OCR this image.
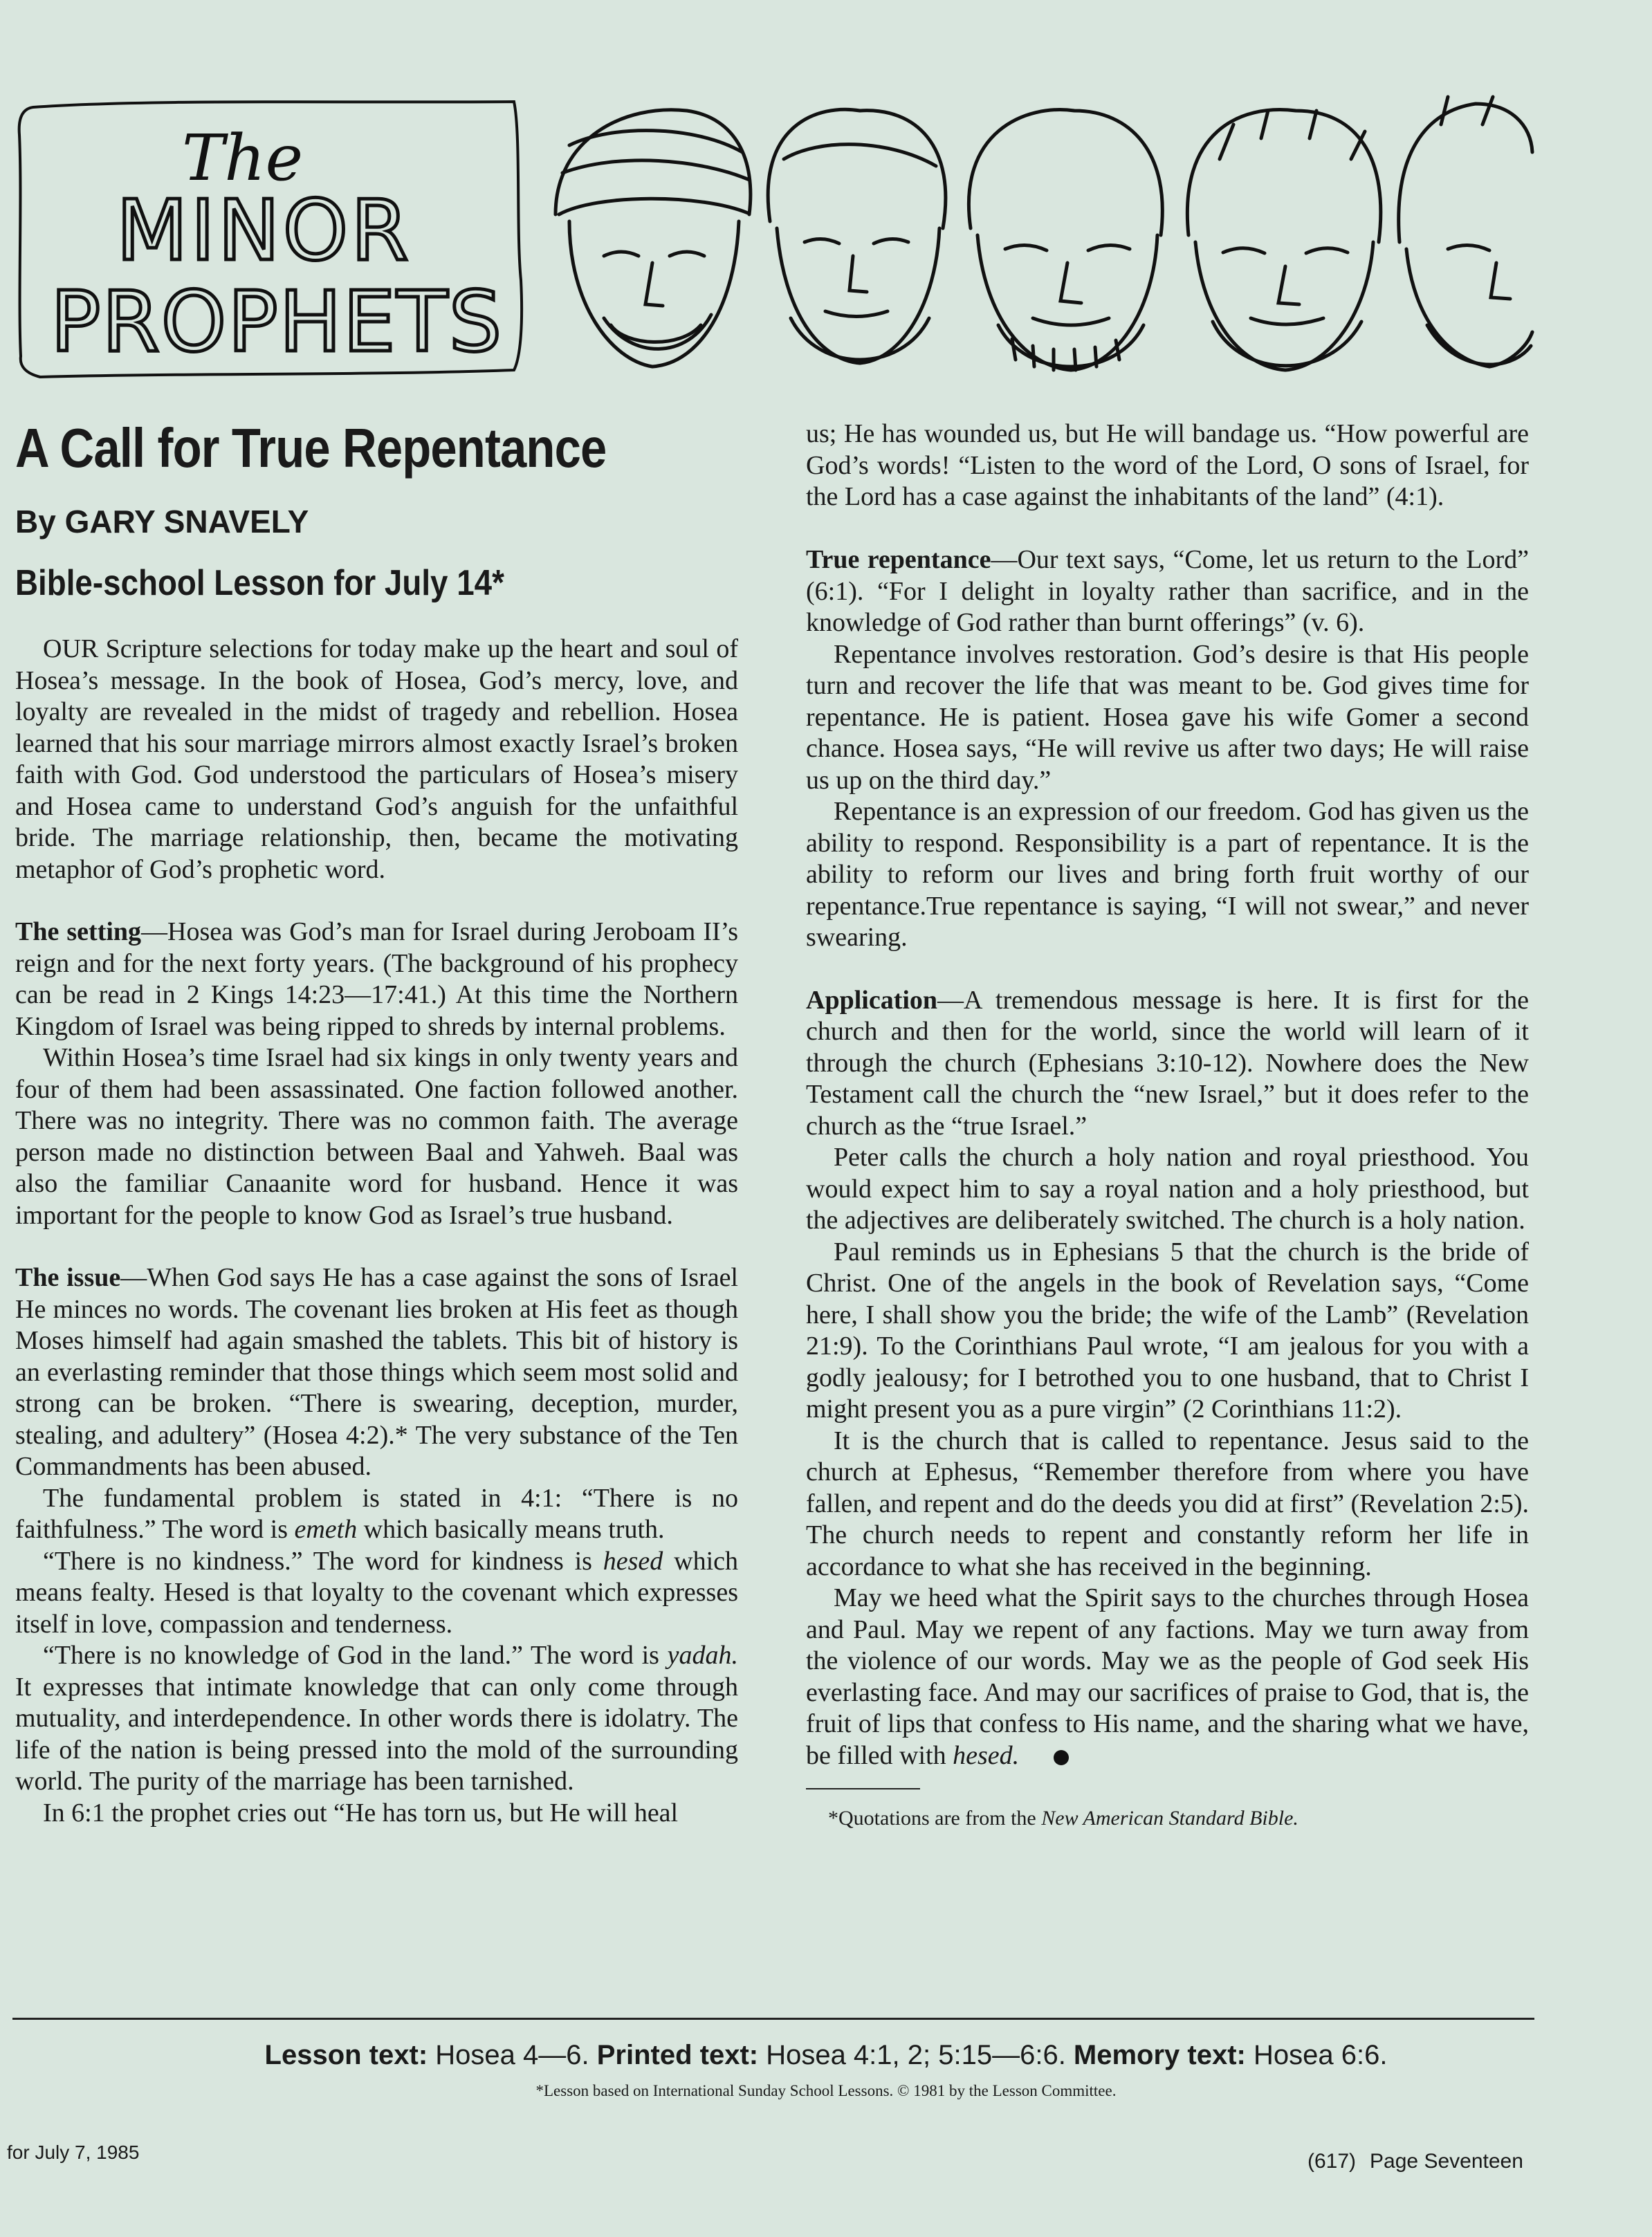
The
MINOR
PROPHETS
A Call for True Repentance
By GARY SNAVELY
Bible-school Lesson for July 14*

OUR Scripture selections for today make up the heart and soul of Hosea’s message. In the book of Hosea, God’s mercy, love, and loyalty are revealed in the midst of tragedy and rebellion. Hosea learned that his sour marriage mirrors almost exactly Israel’s broken faith with God. God understood the particulars of Hosea’s misery and Hosea came to understand God’s anguish for the unfaithful bride. The marriage relationship, then, became the motivating metaphor of God’s prophetic word.

The setting—Hosea was God’s man for Israel during Jeroboam II’s reign and for the next forty years. (The background of his prophecy can be read in 2 Kings 14:23—17:41.) At this time the Northern Kingdom of Israel was being ripped to shreds by internal problems.

Within Hosea’s time Israel had six kings in only twenty years and four of them had been assassinated. One faction followed another. There was no integrity. There was no common faith. The average person made no distinction between Baal and Yahweh. Baal was also the familiar Canaanite word for husband. Hence it was important for the people to know God as Israel’s true husband.

The issue—When God says He has a case against the sons of Israel He minces no words. The covenant lies broken at His feet as though Moses himself had again smashed the tablets. This bit of history is an everlasting reminder that those things which seem most solid and strong can be broken. “There is swearing, deception, murder, stealing, and adultery” (Hosea 4:2).* The very substance of the Ten Commandments has been abused.

The fundamental problem is stated in 4:1: “There is no faithfulness.” The word is emeth which basically means truth.

“There is no kindness.” The word for kindness is hesed which means fealty. Hesed is that loyalty to the covenant which expresses itself in love, compassion and tenderness.

“There is no knowledge of God in the land.” The word is yadah. It expresses that intimate knowledge that can only come through mutuality, and interdependence. In other words there is idolatry. The life of the nation is being pressed into the mold of the surrounding world. The purity of the marriage has been tarnished.

In 6:1 the prophet cries out “He has torn us, but He will heal

True repentance—Our text says, “Come, let us return to the Lord” (6:1). “For I delight in loyalty rather than sacrifice, and in the knowledge of God rather than burnt offerings” (v. 6).

Repentance involves restoration. God’s desire is that His people turn and recover the life that was meant to be. God gives time for repentance. He is patient. Hosea gave his wife Gomer a second chance. Hosea says, “He will revive us after two days; He will raise us up on the third day.”

Repentance is an expression of our freedom. God has given us the ability to respond. Responsibility is a part of repentance. It is the ability to reform our lives and bring forth fruit worthy of our repentance.True repentance is saying, “I will not swear,” and never swearing.

Application—A tremendous message is here. It is first for the church and then for the world, since the world will learn of it through the church (Ephesians 3:10-12). Nowhere does the New Testament call the church the “new Israel,” but it does refer to the church as the “true Israel.”

Peter calls the church a holy nation and royal priesthood. You would expect him to say a royal nation and a holy priesthood, but the adjectives are deliberately switched. The church is a holy nation.

Paul reminds us in Ephesians 5 that the church is the bride of Christ. One of the angels in the book of Revelation says, “Come here, I shall show you the bride; the wife of the Lamb” (Revelation 21:9). To the Corinthians Paul wrote, “I am jealous for you with a godly jealousy; for I betrothed you to one husband, that to Christ I might present you as a pure virgin” (2 Corinthians 11:2).

It is the church that is called to repentance. Jesus said to the church at Ephesus, “Remember therefore from where you have fallen, and repent and do the deeds you did at first” (Revelation 2:5). The church needs to repent and constantly reform her life in accordance to what she has received in the beginning.

May we heed what the Spirit says to the churches through Hosea and Paul. May we repent of any factions. May we turn away from the violence of our words. May we as the people of God seek His everlasting face. And may our sacrifices of praise to God, that is, the fruit of lips that confess to His name, and the sharing what we have, be filled with hesed.

*Quotations are from the New American Standard Bible.

us; He has wounded us, but He will bandage us. “How powerful are God’s words! “Listen to the word of the Lord, O sons of Israel, for the Lord has a case against the inhabitants of the land” (4:1).

Lesson text: Hosea 4—6. Printed text: Hosea 4:1, 2; 5:15—6:6. Memory text: Hosea 6:6.
*Lesson based on International Sunday School Lessons. © 1981 by the Lesson Committee.
for July 7, 1985	(617) Page Seventeen
